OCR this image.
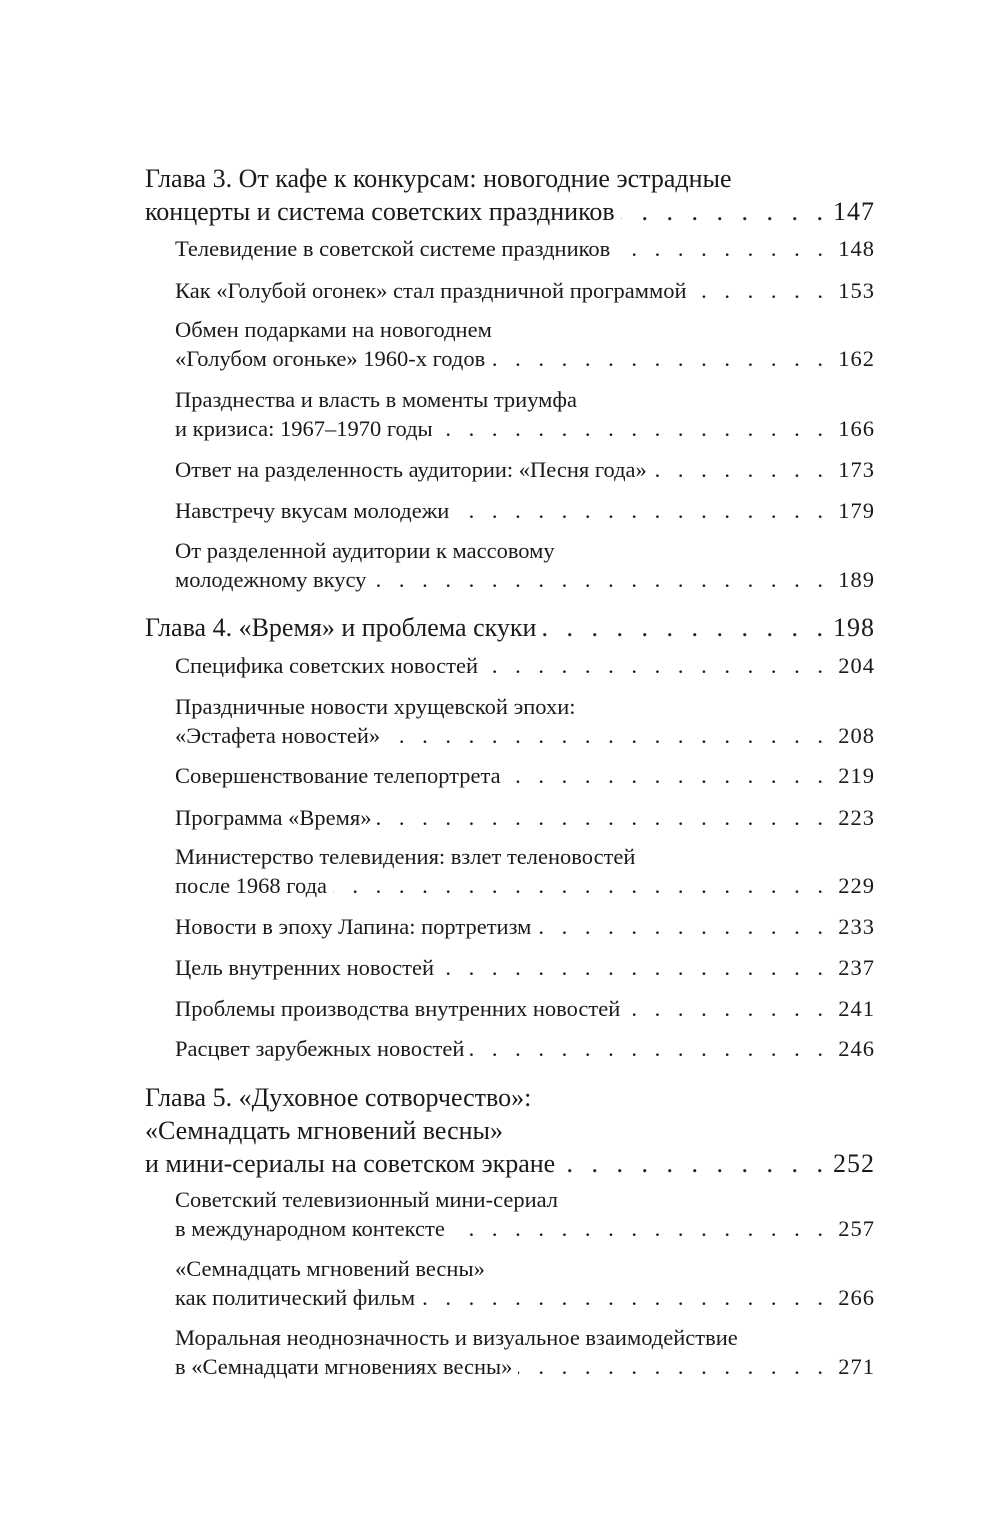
Глава 3. От кафе к конкурсам: новогодние эстрадные
концерты и система советских праздников . . .	147
Телевидение в советской системе праздников . . .	148
Как «Голубой огонек» стал праздничной программой . . .	153
Обмен подарками на новогоднем
«Голубом огоньке» 1960-х годов . . .	162
Празднества и власть в моменты триумфа
и кризиса: 1967–1970 годы . . .	166
Ответ на разделенность аудитории: «Песня года» . . .	173
Навстречу вкусам молодежи . . .	179
От разделенной аудитории к массовому
молодежному вкусу . . .	189
Глава 4. «Время» и проблема скуки . . .	198
Специфика советских новостей . . .	204
Праздничные новости хрущевской эпохи:
«Эстафета новостей» . . .	208
Совершенствование телепортрета . . .	219
Программа «Время» . . .	223
Министерство телевидения: взлет теленовостей
после 1968 года . . .	229
Новости в эпоху Лапина: портретизм . . .	233
Цель внутренних новостей . . .	237
Проблемы производства внутренних новостей . . .	241
Расцвет зарубежных новостей . . .	246
Глава 5. «Духовное сотворчество»:
«Семнадцать мгновений весны»
и мини-сериалы на советском экране . . .	252
Советский телевизионный мини-сериал
в международном контексте . . .	257
«Семнадцать мгновений весны»
как политический фильм . . .	266
Моральная неоднозначность и визуальное взаимодействие
в «Семнадцати мгновениях весны» . . .	271
